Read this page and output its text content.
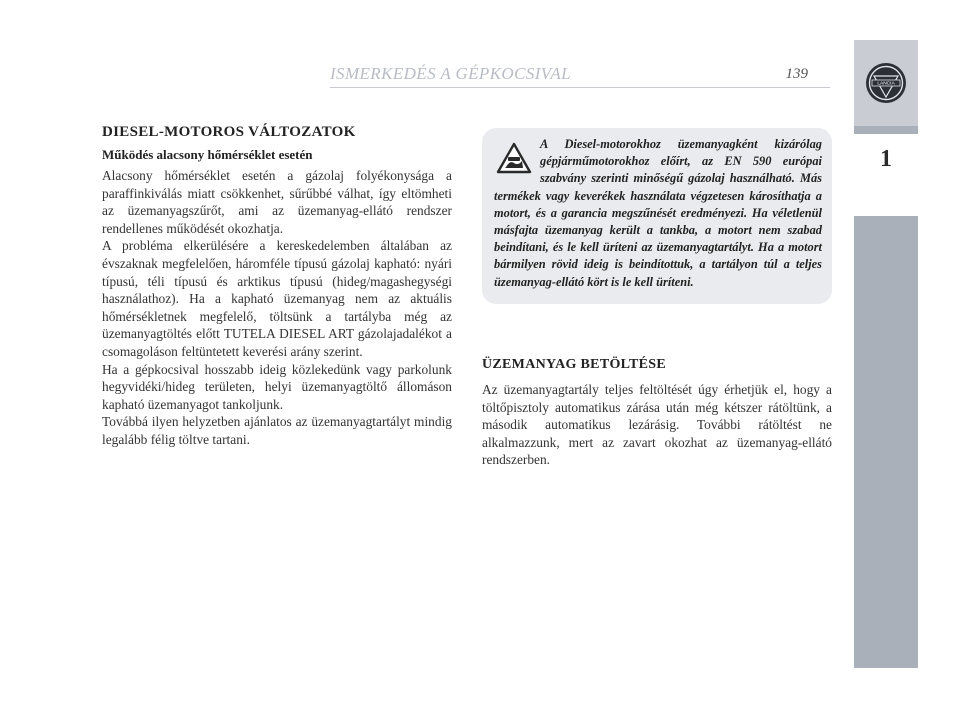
ISMERKEDÉS A GÉPKOCSIVAL	139
LANCIA
1
DIESEL-MOTOROS VÁLTOZATOK
Működés alacsony hőmérséklet esetén

Alacsony hőmérséklet esetén a gázolaj folyékonysága a paraffinkiválás miatt csökkenhet, sűrűbbé válhat, így eltömheti az üzemanyagszűrőt, ami az üzemanyag-ellátó rendszer rendellenes működését okozhatja.
A probléma elkerülésére a kereskedelemben általában az évszaknak megfelelően, háromféle típusú gázolaj kapható: nyári típusú, téli típusú és arktikus típusú (hideg/magashegységi használathoz). Ha a kapható üzemanyag nem az aktuális hőmérsékletnek megfelelő, töltsünk a tartályba még az üzemanyagtöltés előtt TUTELA DIESEL ART gázolajadalékot a csomagoláson feltüntetett keverési arány szerint.
Ha a gépkocsival hosszabb ideig közlekedünk vagy parkolunk hegyvidéki/hideg területen, helyi üzemanyagtöltő állomáson kapható üzemanyagot tankoljunk.
Továbbá ilyen helyzetben ajánlatos az üzemanyagtartályt mindig legalább félig töltve tartani.

A Diesel-motorokhoz üzemanyagként kizárólag gépjárműmotorokhoz előírt, az EN 590 európai szabvány szerinti minőségű gázolaj használható. Más termékek vagy keverékek használata végzetesen károsíthatja a motort, és a garancia megszűnését eredményezi. Ha véletlenül másfajta üzemanyag került a tankba, a motort nem szabad beindítani, és le kell üríteni az üzemanyagtartályt. Ha a motort bármilyen rövid ideig is beindítottuk, a tartályon túl a teljes üzemanyag-ellátó kört is le kell üríteni.

ÜZEMANYAG BETÖLTÉSE

Az üzemanyagtartály teljes feltöltését úgy érhetjük el, hogy a töltőpisztoly automatikus zárása után még kétszer rátöltünk, a második automatikus lezárásig. További rátöltést ne alkalmazzunk, mert az zavart okozhat az üzemanyag-ellátó rendszerben.
